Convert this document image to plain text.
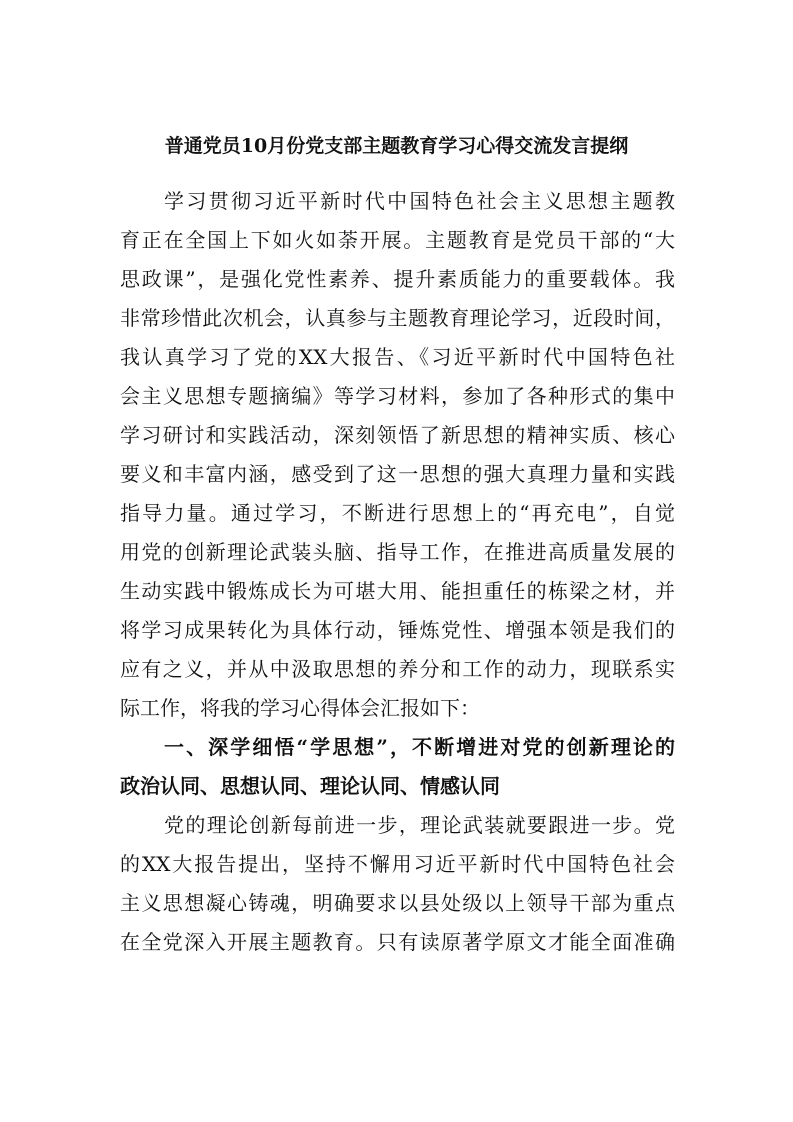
普通党员10月份党支部主题教育学习心得交流发言提纲
学习贯彻习近平新时代中国特色社会主义思想主题教
育正在全国上下如火如荼开展。主题教育是党员干部的“大
思政课”，是强化党性素养、提升素质能力的重要载体。我
非常珍惜此次机会，认真参与主题教育理论学习，近段时间，
我认真学习了党的XX大报告、《习近平新时代中国特色社
会主义思想专题摘编》等学习材料，参加了各种形式的集中
学习研讨和实践活动，深刻领悟了新思想的精神实质、核心
要义和丰富内涵，感受到了这一思想的强大真理力量和实践
指导力量。通过学习，不断进行思想上的“再充电”，自觉
用党的创新理论武装头脑、指导工作，在推进高质量发展的
生动实践中锻炼成长为可堪大用、能担重任的栋梁之材，并
将学习成果转化为具体行动，锤炼党性、增强本领是我们的
应有之义，并从中汲取思想的养分和工作的动力，现联系实
际工作，将我的学习心得体会汇报如下：
一、深学细悟“学思想”，不断增进对党的创新理论的
政治认同、思想认同、理论认同、情感认同
党的理论创新每前进一步，理论武装就要跟进一步。党
的XX大报告提出，坚持不懈用习近平新时代中国特色社会
主义思想凝心铸魂，明确要求以县处级以上领导干部为重点
在全党深入开展主题教育。只有读原著学原文才能全面准确
